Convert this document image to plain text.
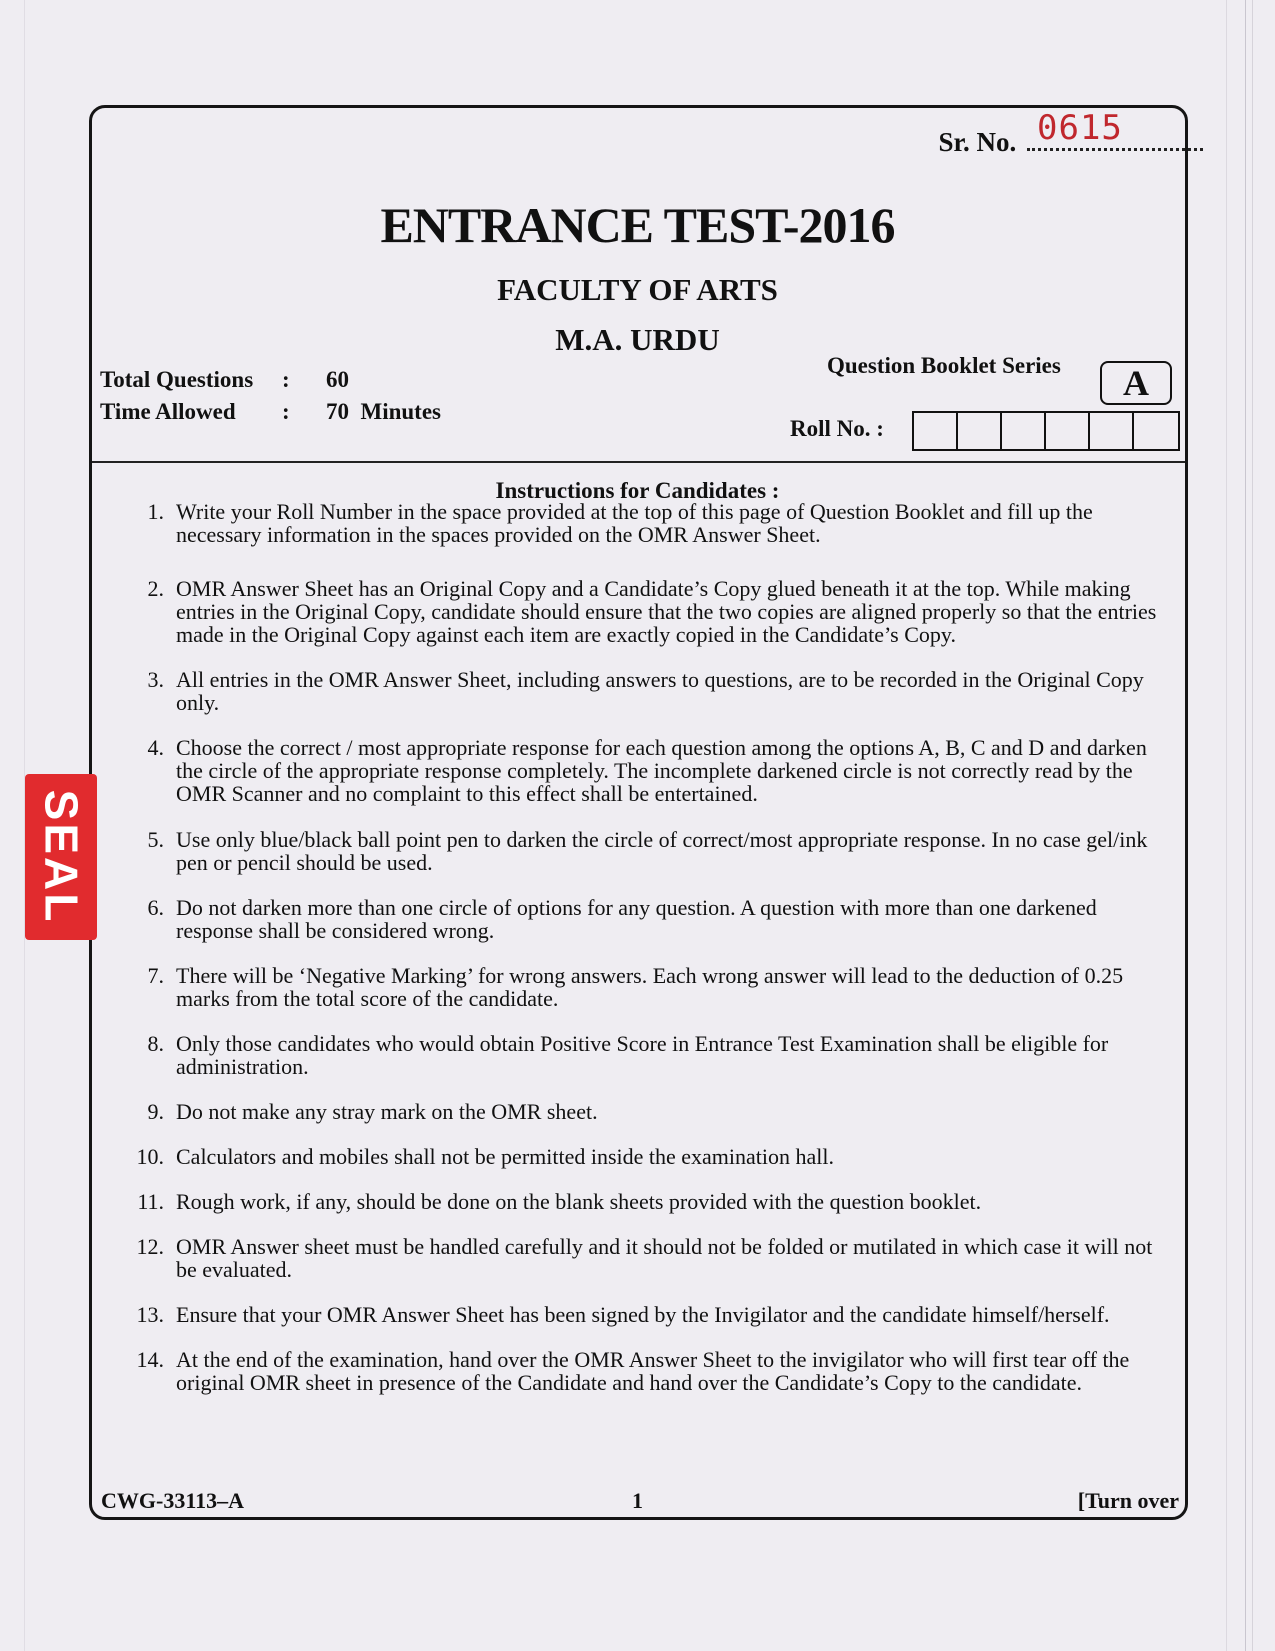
Sr. No. 0615
ENTRANCE TEST-2016
FACULTY OF ARTS
M.A. URDU
Total Questions : 60
Time Allowed : 70  Minutes
Question Booklet Series	A
Roll No. :
Instructions for Candidates :
1. Write your Roll Number in the space provided at the top of this page of Question Booklet and fill up the necessary information in the spaces provided on the OMR Answer Sheet.
2. OMR Answer Sheet has an Original Copy and a Candidate’s Copy glued beneath it at the top. While making entries in the Original Copy, candidate should ensure that the two copies are aligned properly so that the entries made in the Original Copy against each item are exactly copied in the Candidate’s Copy.
3. All entries in the OMR Answer Sheet, including answers to questions, are to be recorded in the Original Copy only.
4. Choose the correct / most appropriate response for each question among the options A, B, C and D and darken the circle of the appropriate response completely. The incomplete darkened circle is not correctly read by the OMR Scanner and no complaint to this effect shall be entertained.
5. Use only blue/black ball point pen to darken the circle of correct/most appropriate response. In no case gel/ink pen or pencil should be used.
6. Do not darken more than one circle of options for any question. A question with more than one darkened response shall be considered wrong.
7. There will be ‘Negative Marking’ for wrong answers. Each wrong answer will lead to the deduction of 0.25 marks from the total score of the candidate.
8. Only those candidates who would obtain Positive Score in Entrance Test Examination shall be eligible for administration.
9. Do not make any stray mark on the OMR sheet.
10. Calculators and mobiles shall not be permitted inside the examination hall.
11. Rough work, if any, should be done on the blank sheets provided with the question booklet.
12. OMR Answer sheet must be handled carefully and it should not be folded or mutilated in which case it will not be evaluated.
13. Ensure that your OMR Answer Sheet has been signed by the Invigilator and the candidate himself/herself.
14. At the end of the examination, hand over the OMR Answer Sheet to the invigilator who will first tear off the original OMR sheet in presence of the Candidate and hand over the Candidate’s Copy to the candidate.
CWG-33113–A	1	[Turn over
SEAL
